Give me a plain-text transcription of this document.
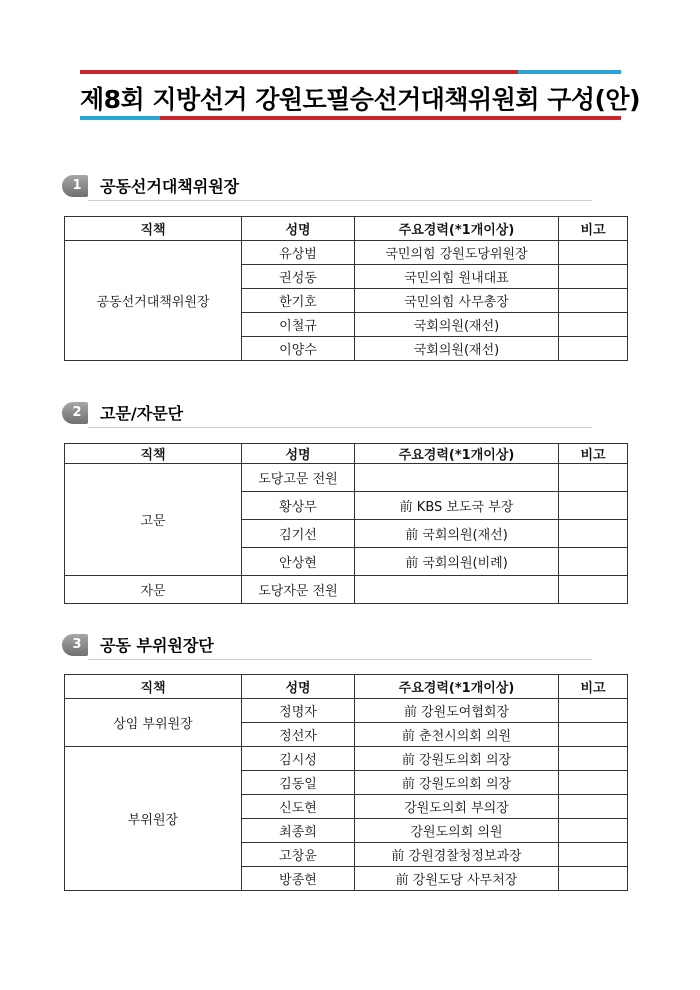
제8회 지방선거 강원도필승선거대책위원회 구성(안)
1	공동선거대책위원장
직책	성명	주요경력(*1개이상)	비고
공동선거대책위원장	유상범	국민의힘 강원도당위원장	
	권성동	국민의힘 원내대표	
	한기호	국민의힘 사무총장	
	이철규	국회의원(재선)	
	이양수	국회의원(재선)	
2	고문/자문단
직책	성명	주요경력(*1개이상)	비고
고문	도당고문 전원		
	황상무	前 KBS 보도국 부장	
	김기선	前 국회의원(재선)	
	안상현	前 국회의원(비례)	
자문	도당자문 전원		
3	공동 부위원장단
직책	성명	주요경력(*1개이상)	비고
상임 부위원장	정명자	前 강원도여협회장	
	정선자	前 춘천시의회 의원	
부위원장	김시성	前 강원도의회 의장	
	김동일	前 강원도의회 의장	
	신도현	강원도의회 부의장	
	최종희	강원도의회 의원	
	고창윤	前 강원경찰청정보과장	
	방종현	前 강원도당 사무처장	
